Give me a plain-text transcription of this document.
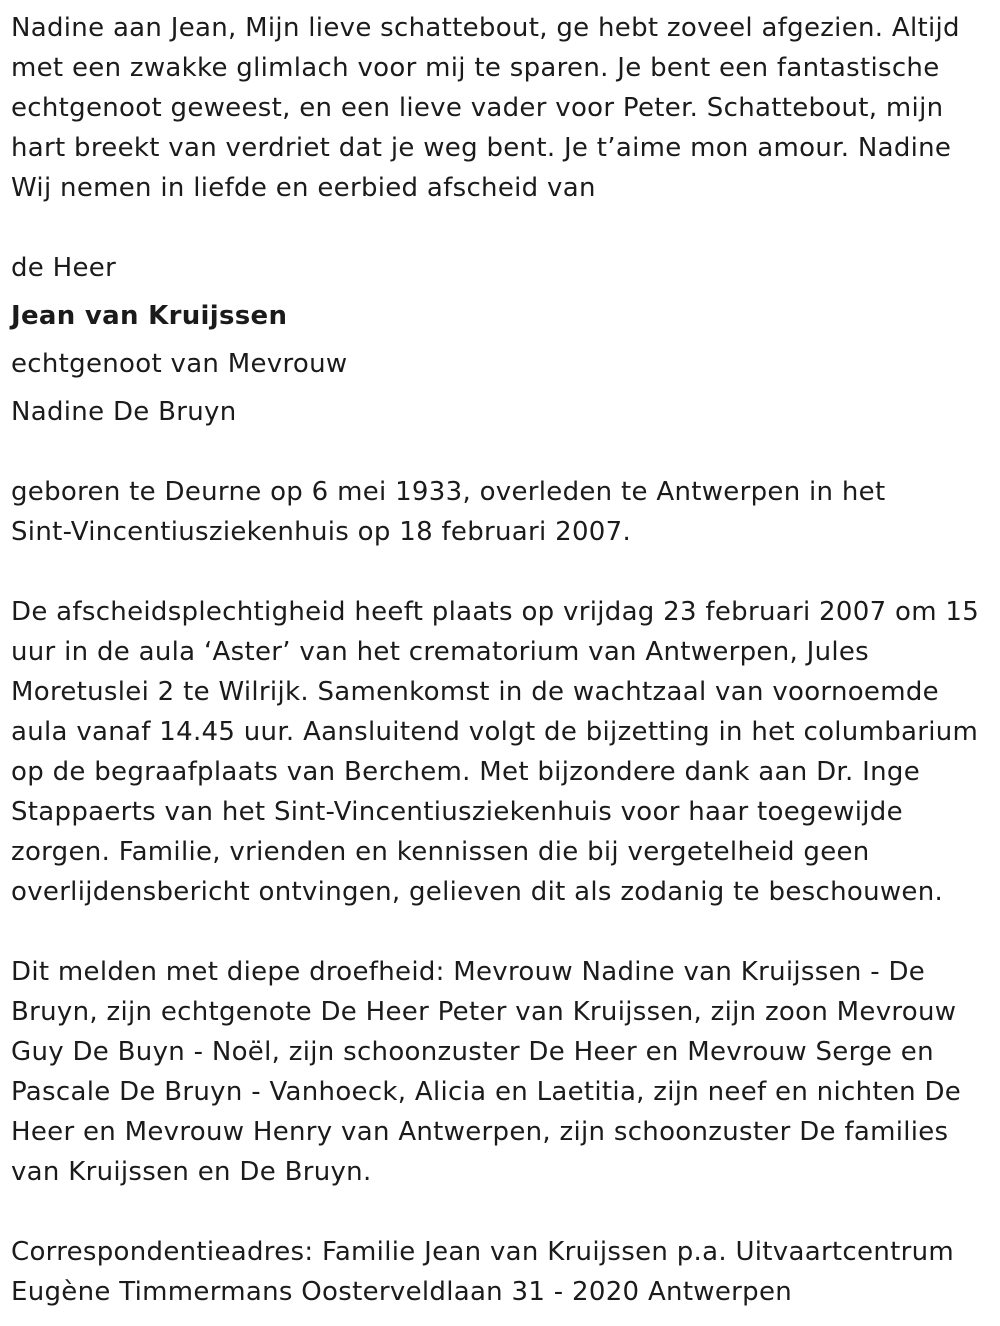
Nadine aan Jean, Mijn lieve schattebout, ge hebt zoveel afgezien. Altijd
met een zwakke glimlach voor mij te sparen. Je bent een fantastische
echtgenoot geweest, en een lieve vader voor Peter. Schattebout, mijn
hart breekt van verdriet dat je weg bent. Je t’aime mon amour. Nadine
Wij nemen in liefde en eerbied afscheid van

de Heer

Jean van Kruijssen

echtgenoot van Mevrouw

Nadine De Bruyn

geboren te Deurne op 6 mei 1933, overleden te Antwerpen in het
Sint-Vincentiusziekenhuis op 18 februari 2007.

De afscheidsplechtigheid heeft plaats op vrijdag 23 februari 2007 om 15
uur in de aula ‘Aster’ van het crematorium van Antwerpen, Jules
Moretuslei 2 te Wilrijk. Samenkomst in de wachtzaal van voornoemde
aula vanaf 14.45 uur. Aansluitend volgt de bijzetting in het columbarium
op de begraafplaats van Berchem. Met bijzondere dank aan Dr. Inge
Stappaerts van het Sint-Vincentiusziekenhuis voor haar toegewijde
zorgen. Familie, vrienden en kennissen die bij vergetelheid geen
overlijdensbericht ontvingen, gelieven dit als zodanig te beschouwen.

Dit melden met diepe droefheid: Mevrouw Nadine van Kruijssen - De
Bruyn, zijn echtgenote De Heer Peter van Kruijssen, zijn zoon Mevrouw
Guy De Buyn - Noël, zijn schoonzuster De Heer en Mevrouw Serge en
Pascale De Bruyn - Vanhoeck, Alicia en Laetitia, zijn neef en nichten De
Heer en Mevrouw Henry van Antwerpen, zijn schoonzuster De families
van Kruijssen en De Bruyn.

Correspondentieadres: Familie Jean van Kruijssen p.a. Uitvaartcentrum
Eugène Timmermans Oosterveldlaan 31 - 2020 Antwerpen
